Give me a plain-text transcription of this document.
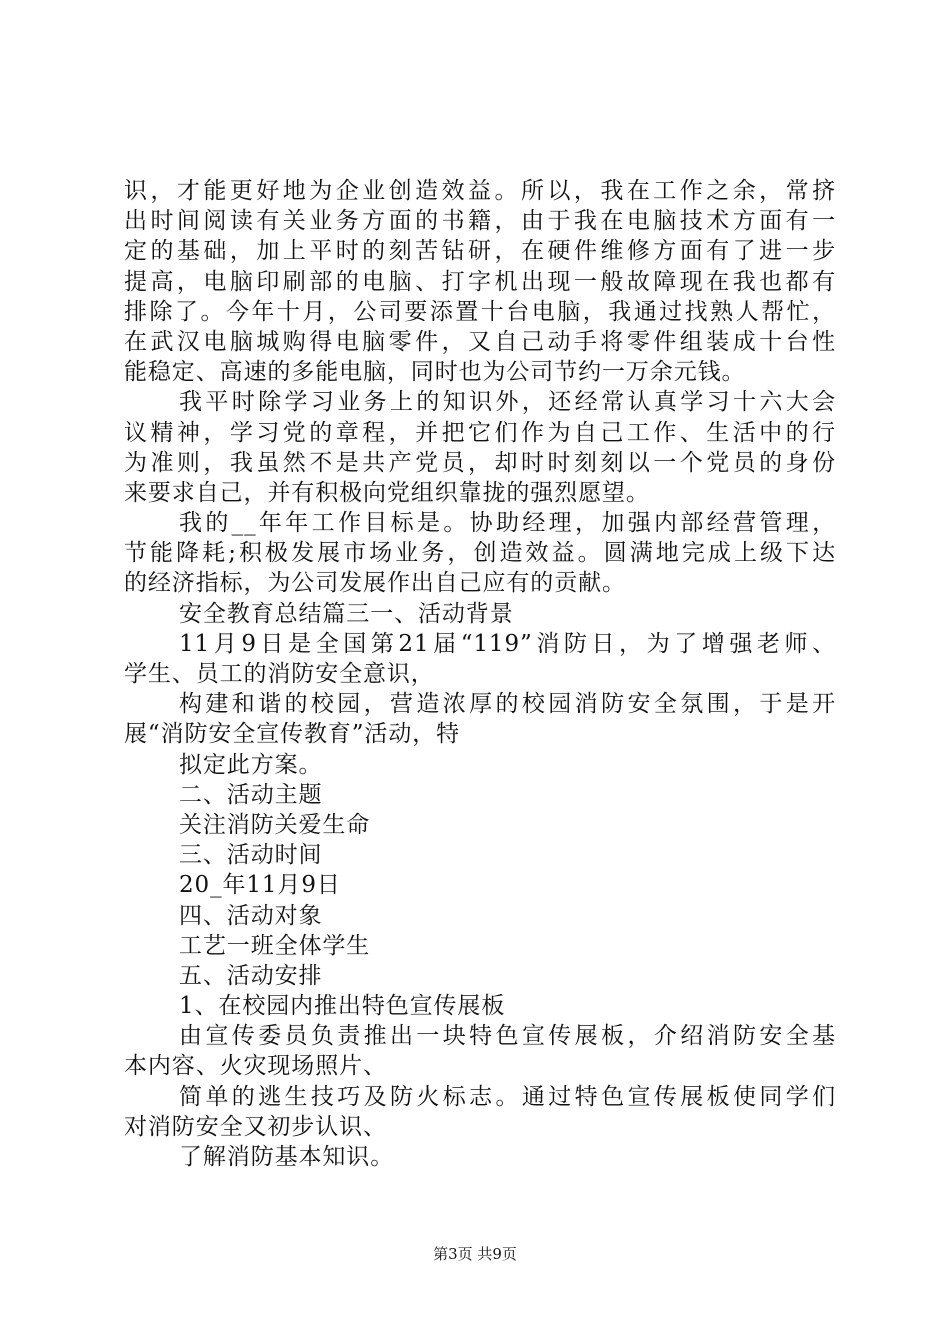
识，才能更好地为企业创造效益。所以，我在工作之余，常挤
出时间阅读有关业务方面的书籍，由于我在电脑技术方面有一
定的基础，加上平时的刻苦钻研，在硬件维修方面有了进一步
提高，电脑印刷部的电脑、打字机出现一般故障现在我也都有
排除了。今年十月，公司要添置十台电脑，我通过找熟人帮忙，
在武汉电脑城购得电脑零件，又自己动手将零件组装成十台性
能稳定、高速的多能电脑，同时也为公司节约一万余元钱。
我平时除学习业务上的知识外，还经常认真学习十六大会
议精神，学习党的章程，并把它们作为自己工作、生活中的行
为准则，我虽然不是共产党员，却时时刻刻以一个党员的身份
来要求自己，并有积极向党组织靠拢的强烈愿望。
我的__年年工作目标是。协助经理，加强内部经营管理，
节能降耗;积极发展市场业务，创造效益。圆满地完成上级下达
的经济指标，为公司发展作出自己应有的贡献。
安全教育总结篇三一、活动背景
11月9日是全国第21届“119”消防日，为了增强老师、
学生、员工的消防安全意识，
构建和谐的校园，营造浓厚的校园消防安全氛围，于是开
展“消防安全宣传教育”活动，特
拟定此方案。
二、活动主题
关注消防关爱生命
三、活动时间
20_年11月9日
四、活动对象
工艺一班全体学生
五、活动安排
1、在校园内推出特色宣传展板
由宣传委员负责推出一块特色宣传展板，介绍消防安全基
本内容、火灾现场照片、
简单的逃生技巧及防火标志。通过特色宣传展板使同学们
对消防安全又初步认识、
了解消防基本知识。
第3页 共9页
